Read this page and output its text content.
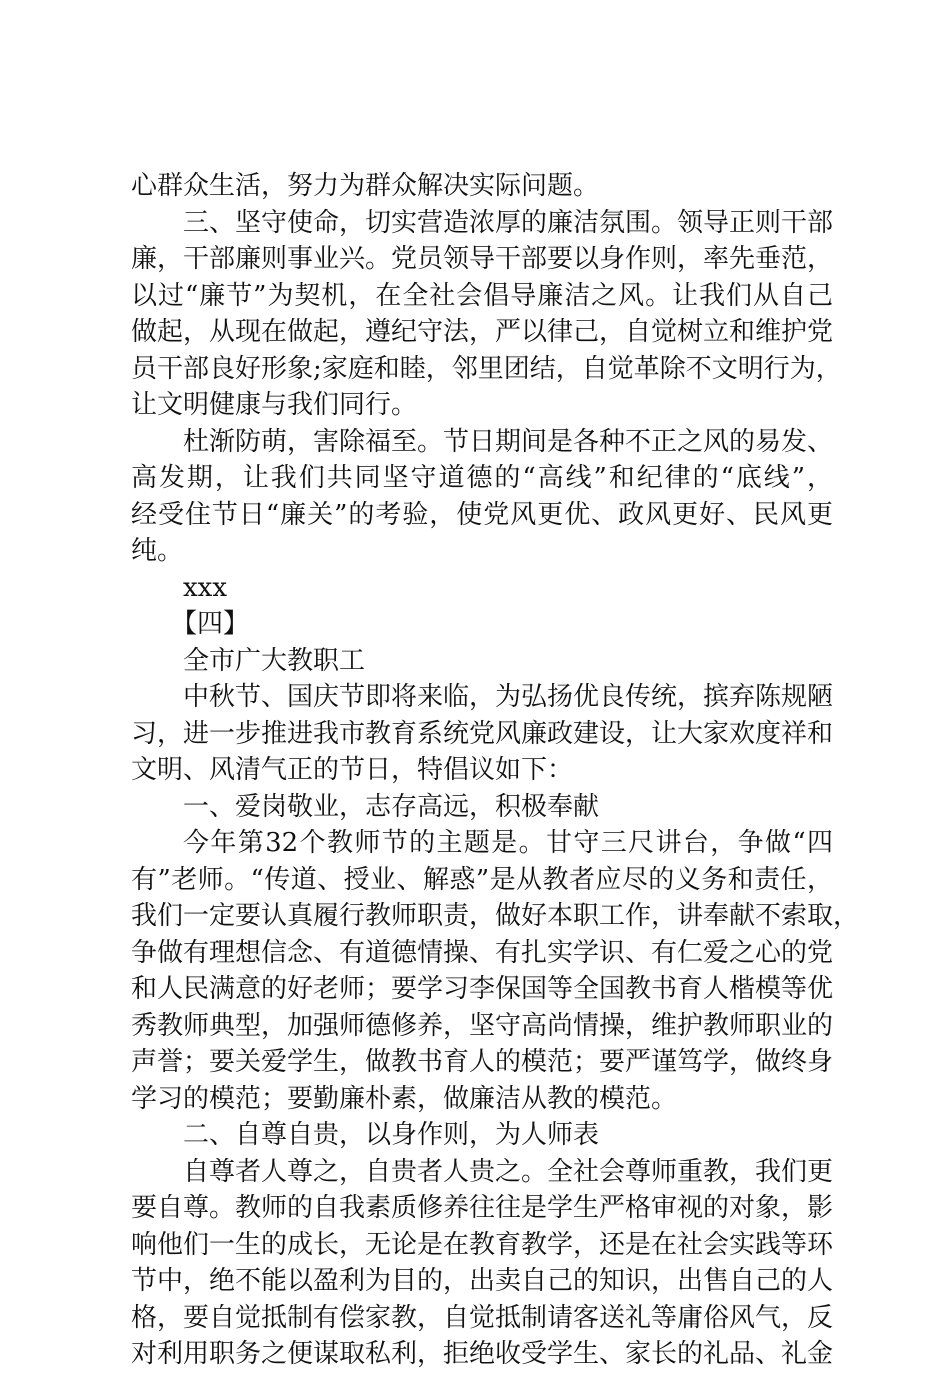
心群众生活，努力为群众解决实际问题。
三、坚守使命，切实营造浓厚的廉洁氛围。领导正则干部
廉，干部廉则事业兴。党员领导干部要以身作则，率先垂范，
以过“廉节”为契机，在全社会倡导廉洁之风。让我们从自己
做起，从现在做起，遵纪守法，严以律己，自觉树立和维护党
员干部良好形象;家庭和睦，邻里团结，自觉革除不文明行为，
让文明健康与我们同行。
杜渐防萌，害除福至。节日期间是各种不正之风的易发、
高发期，让我们共同坚守道德的“高线”和纪律的“底线”，
经受住节日“廉关”的考验，使党风更优、政风更好、民风更
纯。
xxx
【四】
全市广大教职工
中秋节、国庆节即将来临，为弘扬优良传统，摈弃陈规陋
习，进一步推进我市教育系统党风廉政建设，让大家欢度祥和
文明、风清气正的节日，特倡议如下：
一、爱岗敬业，志存高远，积极奉献
今年第32个教师节的主题是。甘守三尺讲台，争做“四
有”老师。“传道、授业、解惑”是从教者应尽的义务和责任，
我们一定要认真履行教师职责，做好本职工作，讲奉献不索取，
争做有理想信念、有道德情操、有扎实学识、有仁爱之心的党
和人民满意的好老师；要学习李保国等全国教书育人楷模等优
秀教师典型，加强师德修养，坚守高尚情操，维护教师职业的
声誉；要关爱学生，做教书育人的模范；要严谨笃学，做终身
学习的模范；要勤廉朴素，做廉洁从教的模范。
二、自尊自贵，以身作则，为人师表
自尊者人尊之，自贵者人贵之。全社会尊师重教，我们更
要自尊。教师的自我素质修养往往是学生严格审视的对象，影
响他们一生的成长，无论是在教育教学，还是在社会实践等环
节中，绝不能以盈利为目的，出卖自己的知识，出售自己的人
格，要自觉抵制有偿家教，自觉抵制请客送礼等庸俗风气，反
对利用职务之便谋取私利，拒绝收受学生、家长的礼品、礼金
